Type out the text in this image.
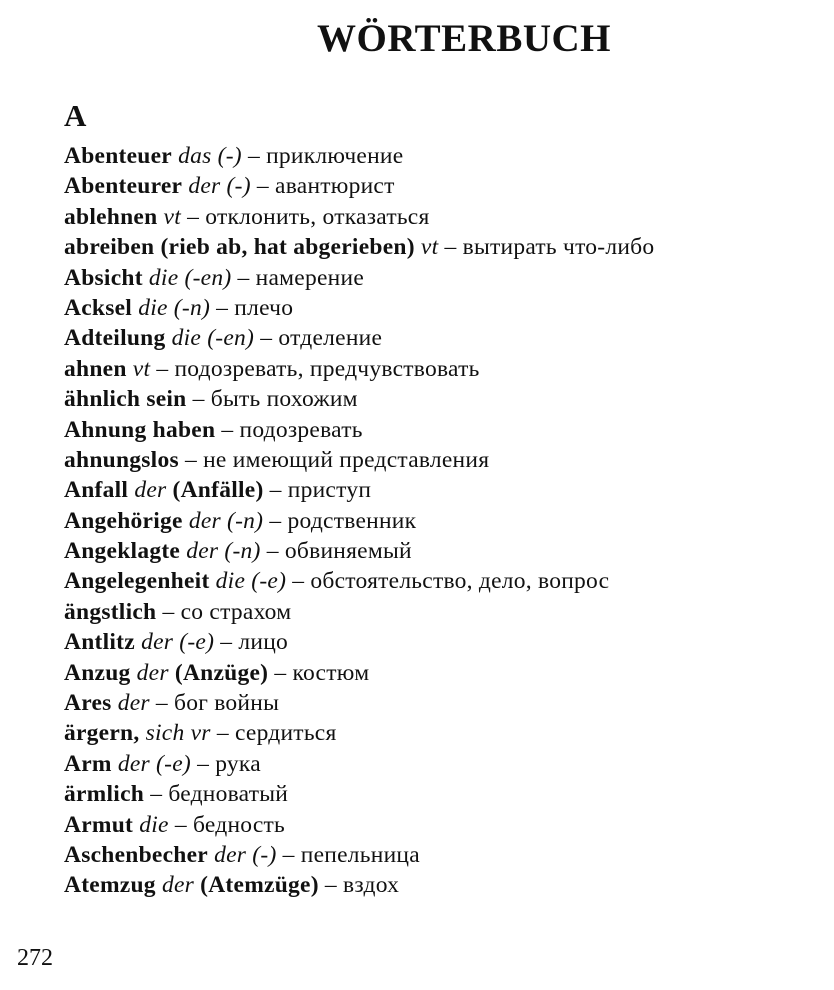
WÖRTERBUCH
A
Abenteuer das (-) – приключение
Abenteurer der (-) – авантюрист
ablehnen vt – отклонить, отказаться
abreiben (rieb ab, hat abgerieben) vt – вытирать что-либо
Absicht die (-en) – намерение
Acksel die (-n) – плечо
Adteilung die (-en) – отделение
ahnen vt – подозревать, предчувствовать
ähnlich sein – быть похожим
Ahnung haben – подозревать
ahnungslos – не имеющий представления
Anfall der (Anfälle) – приступ
Angehörige der (-n) – родственник
Angeklagte der (-n) – обвиняемый
Angelegenheit die (-e) – обстоятельство, дело, вопрос
ängstlich – со страхом
Antlitz der (-e) – лицо
Anzug der (Anzüge) – костюм
Ares der – бог войны
ärgern, sich vr – сердиться
Arm der (-e) – рука
ärmlich – бедноватый
Armut die – бедность
Aschenbecher der (-) – пепельница
Atemzug der (Atemzüge) – вздох
272
